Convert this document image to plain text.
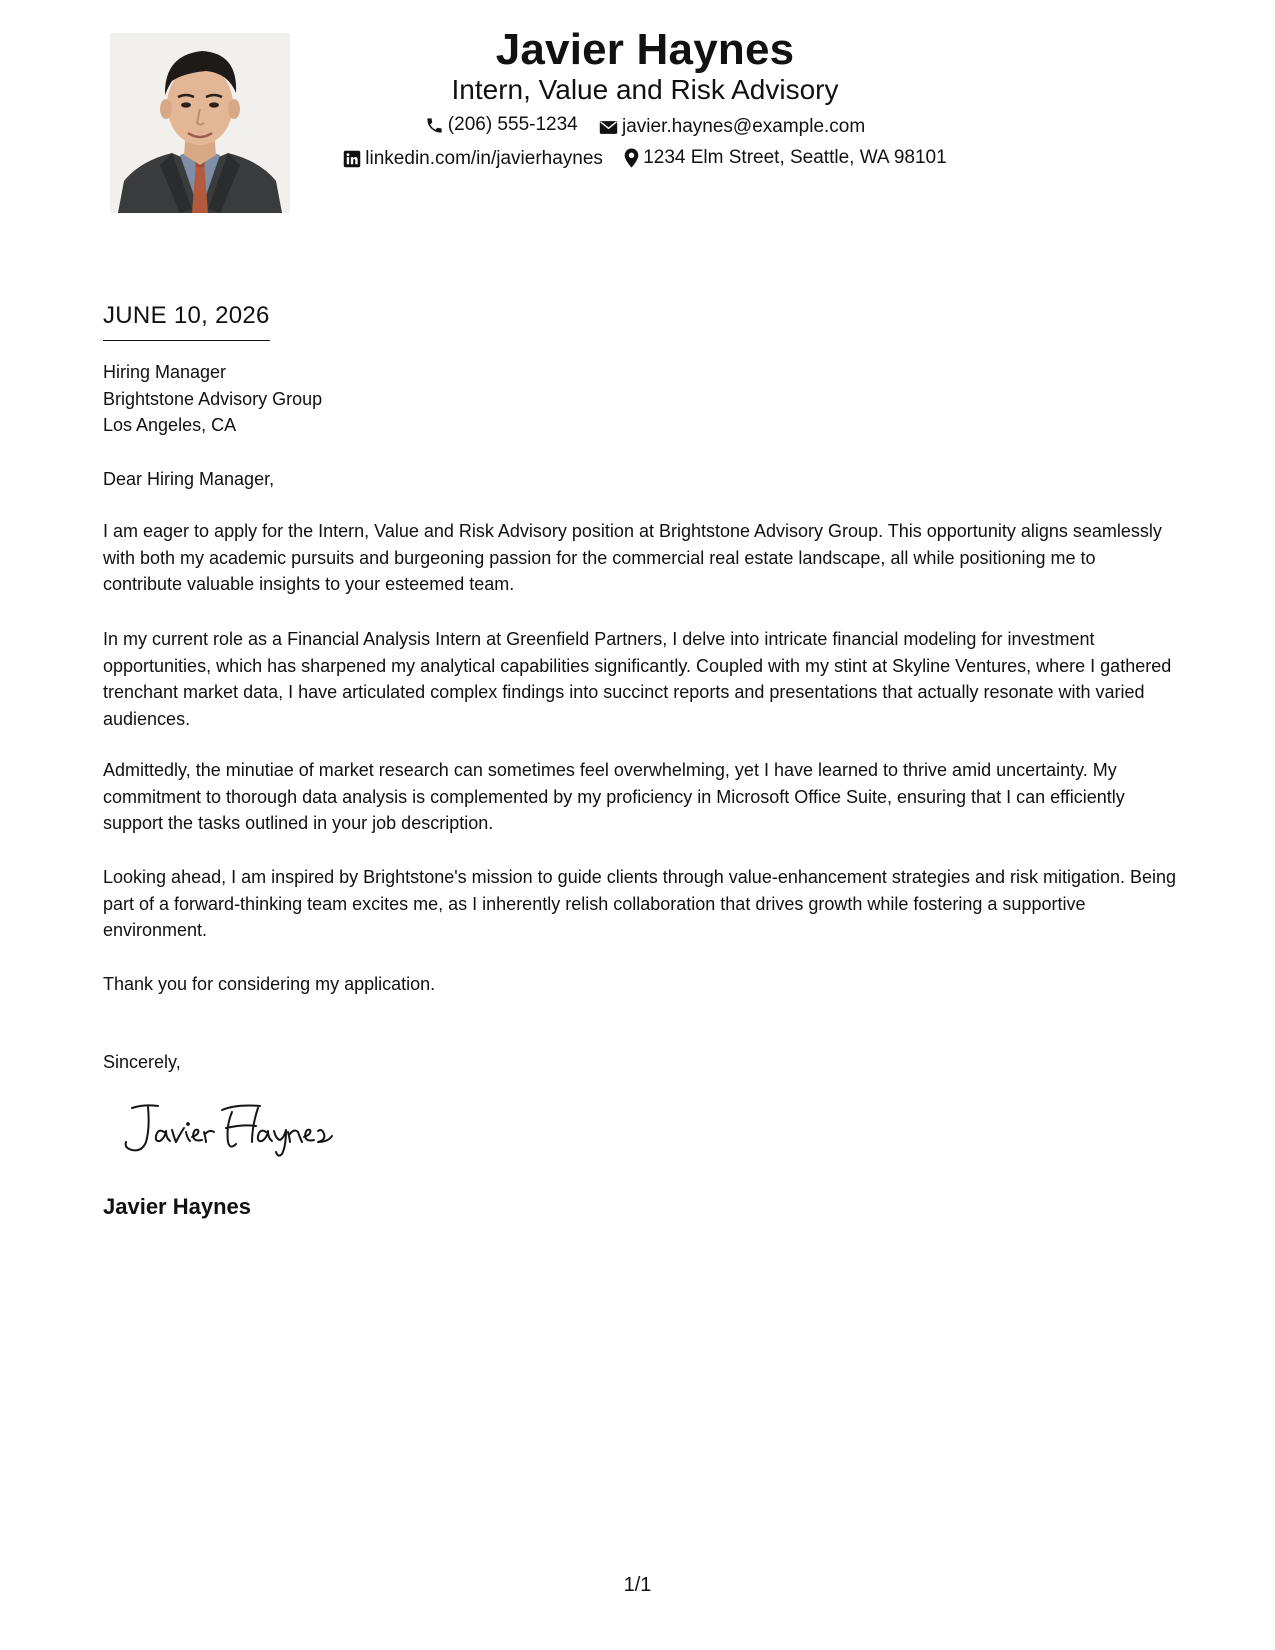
Javier Haynes
Intern, Value and Risk Advisory
(206) 555-1234
javier.haynes@example.com
linkedin.com/in/javierhaynes
1234 Elm Street, Seattle, WA 98101
JUNE 10, 2026
Hiring Manager
Brightstone Advisory Group
Los Angeles, CA
Dear Hiring Manager,
I am eager to apply for the Intern, Value and Risk Advisory position at Brightstone Advisory Group. This opportunity aligns seamlessly with both my academic pursuits and burgeoning passion for the commercial real estate landscape, all while positioning me to contribute valuable insights to your esteemed team.
In my current role as a Financial Analysis Intern at Greenfield Partners, I delve into intricate financial modeling for investment opportunities, which has sharpened my analytical capabilities significantly. Coupled with my stint at Skyline Ventures, where I gathered trenchant market data, I have articulated complex findings into succinct reports and presentations that actually resonate with varied audiences.
Admittedly, the minutiae of market research can sometimes feel overwhelming, yet I have learned to thrive amid uncertainty. My commitment to thorough data analysis is complemented by my proficiency in Microsoft Office Suite, ensuring that I can efficiently support the tasks outlined in your job description.
Looking ahead, I am inspired by Brightstone's mission to guide clients through value-enhancement strategies and risk mitigation. Being part of a forward-thinking team excites me, as I inherently relish collaboration that drives growth while fostering a supportive environment.
Thank you for considering my application.
Sincerely,
Javier Haynes
1/1
